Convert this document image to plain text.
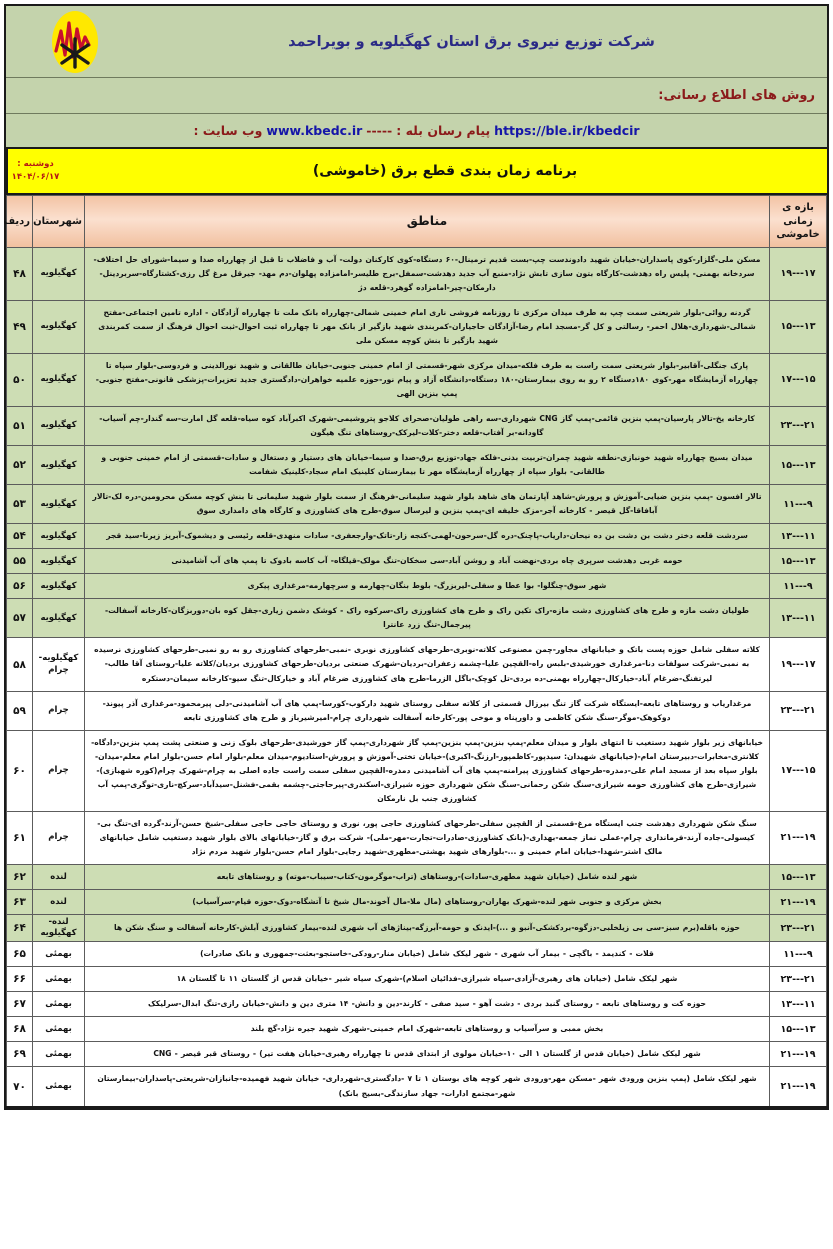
شرکت توزیع نیروی برق استان کهگیلویه و بویراحمد
روش های اطلاع رسانی:
https://ble.ir/kbedcir
پیام رسان بله :
-----
www.kbedc.ir
وب سایت :
برنامه زمان بندی قطع برق (خاموشی)
دوشنبه :
۱۴۰۴/۰۶/۱۷
بازه ی زمانی خاموشی	مناطق	شهرستان	ردیف
۱۷---۱۹	مسکن ملی-گلزار-کوی پاسداران-خیابان شهید دادوندست چپ-بست قدیم ترمینال-۶۰ دستگاه-کوی کارکنان دولت- آب و فاضلاب تا قبل از چهارراه صدا و سیما-شورای حل اختلاف- سردخانه بهمنی- پلیس راه دهدشت-کارگاه بتون سازی تابش نژاد-منبع آب جدید دهدشت-سمفل-برج طلیسر-امامزاده پهلوان-دم مهد- جیرقل مرغ گل رزی-کشتارگاه-سربردینل-دارمکان-چیر-امامزاده گوهرد-قلعه دژ	کهگیلویه	۴۸
۱۳---۱۵	گردنه روائی-بلوار شریعتی سمت چپ به طرف میدان مرکزی تا روزنامه فروشی ناری امام خمینی شمالی-چهارراه بانک ملت تا چهارراه آزادگان - اداره تامین اجتماعی-مفتح شمالی-شهرداری-هلال احمر- رسالتی و کل گر-مسجد امام رضا-آزادگان حاجیاران-کمربندی شهید بازگیر از بانک مهر تا چهارراه ثبت احوال-ثبت احوال فرهنگ از سمت کمربندی شهید بازگیر تا بنش کوچه مسکن ملی	کهگیلویه	۴۹
۱۵---۱۷	پارک جنگلی-آقابیر-بلوار شریعتی سمت راست به طرف فلکه-میدان مرکزی شهر-قسمتی از امام خمینی جنوبی-خیابان طالقانی و شهید نورالدینی و فردوسی-بلوار سپاه تا چهارراه آزمایشگاه مهر-کوی ۱۸۰دستگاه ۲ رو به روی بیمارستان-۱۸۰ دستگاه-دانشگاه آزاد و پیام نور-حوزه علمیه خواهران-دادگستری جدید تعزیرات-پزشکی قانونی-مفتح جنوبی- پمپ بنزین الهی	کهگیلویه	۵۰
۲۱---۲۳	کارخانه یخ-تالار پارسیان-پمپ بنزین قائمی-پمپ گاز CNG شهرداری-سه راهی طولیان-صحرای کلاجو پتروشیمی-شهرک اکبرآباد کوه سیاه-قلعه گل امارت-سه گندار-چم آسیاب- گاودانه-بر آفتاب-قلعه دختر-کلات-لیرکک-روستاهای تنگ هیگون	کهگیلویه	۵۱
۱۳---۱۵	میدان بسیج چهارراه شهید خونبازی-نطفه شهید چمران-تربیت بدنی-فلکه جهاد-توزیع برق-صدا و سیما-خیابان های دستیار و دستغال و سادات-قسمتی از امام خمینی جنوبی و طالقانی- بلوار سپاه از چهارراه آزمایشگاه مهر تا بیمارستان کلینیک امام سجاد-کلینیک شفامت	کهگیلویه	۵۲
۹---۱۱	تالار افسون -پمپ بنزین ضیایی-آموزش و پرورش-شاهد آپارتمان های شاهد بلوار شهید سلیمانی-فرهنگ از سمت بلوار شهید سلیمانی تا بنش کوچه مسکن محرومین-دره لک-تالار آبافاقا-گل قیصر - کارخانه آجر-مزک خلیفه ای-پمپ بنزین و لیرسال سوق-طرح های کشاورزی و کارگاه های دامداری سوق	کهگیلویه	۵۳
۱۱---۱۳	سردشت قلعه دختر دشت بن دشت بن ده نیحان-داریاب-پاچنک-دره گل-سرحون-لهمی-کنجه زار-تاتک-وارجعفری- سادات منهدی-قلعه رئیسی و دیشموک-آبریز زیرنا-سید قجر	کهگیلویه	۵۴
۱۳---۱۵	حومه غربی دهدشت سرپری چاه بردی-نهضت آباد و روشن آباد-سی سخکان-تنگ مولک-قیلگاه- آب کاسه بادوک تا پمپ های آب آشامیدنی	کهگیلویه	۵۵
۹---۱۱	شهر سوق-چنگلوا- بوا عطا و سفلی-لیربزرگ- بلوط بنگان-چهارمه و سرچهارمه-مرغداری پیکری	کهگیلویه	۵۶
۱۱---۱۳	طولیان دشت مازه و طرح های کشاورزی دشت مازه-راک تکین راک و طرح های کشاورزی راک-سرکوه راک - کوشک دشمن زیاری-جقل کوه بان-دوربزگان-کارخانه آسفالت-پیرجمال-تنگ زرد عانترا	کهگیلویه	۵۷
۱۷---۱۹	کلاته سفلی شامل حوزه پست باتک و خیابانهای مجاور-چمن مصنوعی کلاته-نوبری-طرحهای کشاورزی نوبری -نمبی-طرحهای کشاورزی رو به رو نمبی-طرحهای کشاورزی نرسیده به نمبی-شرکت سولفات دنا-مرغداری خورشیدی-بلبس راه-القچین علیا-چشمه زعفران-بردیان-شهرک صنعتی بردیان-طرحهای کشاورزی بردیان/کلاته علیا-روستای آقا طالب-لیرتفنگ-ضرغام آباد-خیارکال-چهارراه بهمنی-ده بردی-تل کوچک-باگل الزرما-طرح های کشاورزی ضرغام آباد و خیارکال-تنگ سیو-کارخانه سیمان-دستکره	کهگیلویه-چرام	۵۸
۲۱---۲۳	مرغداریاب و روستاهای تابعه-ایستگاه شرکت گاز تنگ بیرزال قسمتی از کلاته سفلی روستای شهید دارکوب-کورسا-پمپ های آب آشامیدنی-دلی پیرمحمود-مرغداری آذر پیوند-دوکوهک-موگر-سنگ شکن کاظمی و داورپناه و موخی پور-کارخانه آسفالت شهرداری چرام-امیرشیرباز و طرح های کشاورزی تابعه	چرام	۵۹
۱۵---۱۷	خیابانهای زیر بلوار شهید دستغیب تا انتهای بلوار و میدان معلم-پمپ بنزین-پمپ بنزین-پمپ گاز شهرداری-پمپ گاز خورشیدی-طرحهای بلوک زنی و صنعتی پشت پمپ بنزین-دادگاه-کلانتری-مخابرات-دبیرستان امام-(خیابانهای شهیدان: سیدپور-کاظمپور-ارزنگ-اکبری)-خیابان تختی-آموزش و پرورش-استادیوم-میدان معلم-بلوار امام حسن-بلوار امام معلم-میدان-بلوار سپاه بعد از مسجد امام علی-دمدره-طرحهای کشاورزی پیرامنه-پمپ های آب آشامیدنی دمدره-القچین سفلی سمت راست جاده اصلی به چرام-شهرک چرام(کوره شهبازی)-شیرازی-طرح های کشاورزی حومه شیرازی-سنگ شکن رحمانی-سنگ شکن شهرداری حوزه شیرازی-اسکندری-پیرحاجتی-چشمه بقمی-فشنل-سیدآباد-سرکچ-ناری-توگری-پمپ آب کشاورزی جنب بل نارمکان	چرام	۶۰
۱۹---۲۱	سنگ شکن شهرداری دهدشت جنب ایستگاه مرغ-قسمتی از القچین سفلی-طرحهای کشاورزی حاجی پور، نوری و روستای حاجی حاجی سفلی-شبخ حسن-آرند-گرده ای-تنگ بی-کیسولی-جاده آرند-فرمانداری چرام-عملی نماز جمعه-بهداری-(بانک کشاورزی-صادرات-تجارت-مهر-ملی)- شرکت برق و گاز-خیابانهای بالای بلوار شهید دستغیب شامل خیابانهای مالک اشتر-شهدا-خیابان امام خمینی و ...-بلوارهای شهید بهشتی-مطهری-شهید رجایی-بلوار امام حسن-بلوار شهید مردم نژاد	چرام	۶۱
۱۳---۱۵	شهر لنده شامل (خیابان شهید مطهری-سادات)-روستاهای (تراب-موگرمون-کتاب-سیباب-موته) و روستاهای تابعه	لنده	۶۲
۱۹---۲۱	بخش مرکزی و جنوبی شهر لنده-شهرک بهاران-روستاهای (مال ملا-مال آخوند-مال شیخ تا آتشگاه-دوک-حوزه قیام-سرآسیاب)	لنده	۶۳
۲۱---۲۳	حوزه باقله(برم سبز-سی بی زیلخلبی-دزگوه-بردکشکی-آنبو و ...)-ایدنک و حومه-آبرزگه-بیناژهای آب شهری لنده-بیمار کشاورزی آبلش-کارخانه آسفالت و سنگ شکن ها	لنده-کهگیلویه	۶۴
۹---۱۱	قلات - کندیمد - باگچی - بیمار آب شهری - شهر لیکک شامل (خیابان منار-رودکی-خاستجو-بعثت-جمهوری و بانک صادرات)	بهمئی	۶۵
۲۱---۲۳	شهر لیکک شامل (خیابان های رهبری-آزادی-سیاه شیرازی-فدائیان اسلام)-شهرک سیاه شیر -خیابان قدس از گلستان ۱۱ تا گلستان ۱۸	بهمئی	۶۶
۱۱---۱۳	حوزه کت و روستاهای تابعه - روستای گنبد بردی - دشت آهو - سید صفی - کارند-دین و دانش- ۱۴ متری دین و دانش-خیابان رازی-تنگ ابدال-سرلیکک	بهمئی	۶۷
۱۳---۱۵	بخش ممبی و سرآسیاب و روستاهای تابعه-شهرک امام خمینی-شهرک شهید جیره نژاد-گچ بلند	بهمئی	۶۸
۱۹---۲۱	شهر لیکک شامل (خیابان قدس از گلستان ۱ الی ۱۰-خیابان مولوی از ابتدای قدس تا چهارراه رهبری-خیابان هفت تیر) - روستای قبر قیصر - CNG	بهمئی	۶۹
۱۹---۲۱	شهر لیکک شامل (پمپ بنزین ورودی شهر -مسکن مهر-ورودی شهر کوچه های بوستان ۱ تا ۷ -دادگستری-شهرداری- خیابان شهید فهمیده-جانبازان-شریعتی-پاسداران-بیمارستان شهر-مجتمع ادارات- جهاد سازندگی-بسیج بانک)	بهمئی	۷۰
